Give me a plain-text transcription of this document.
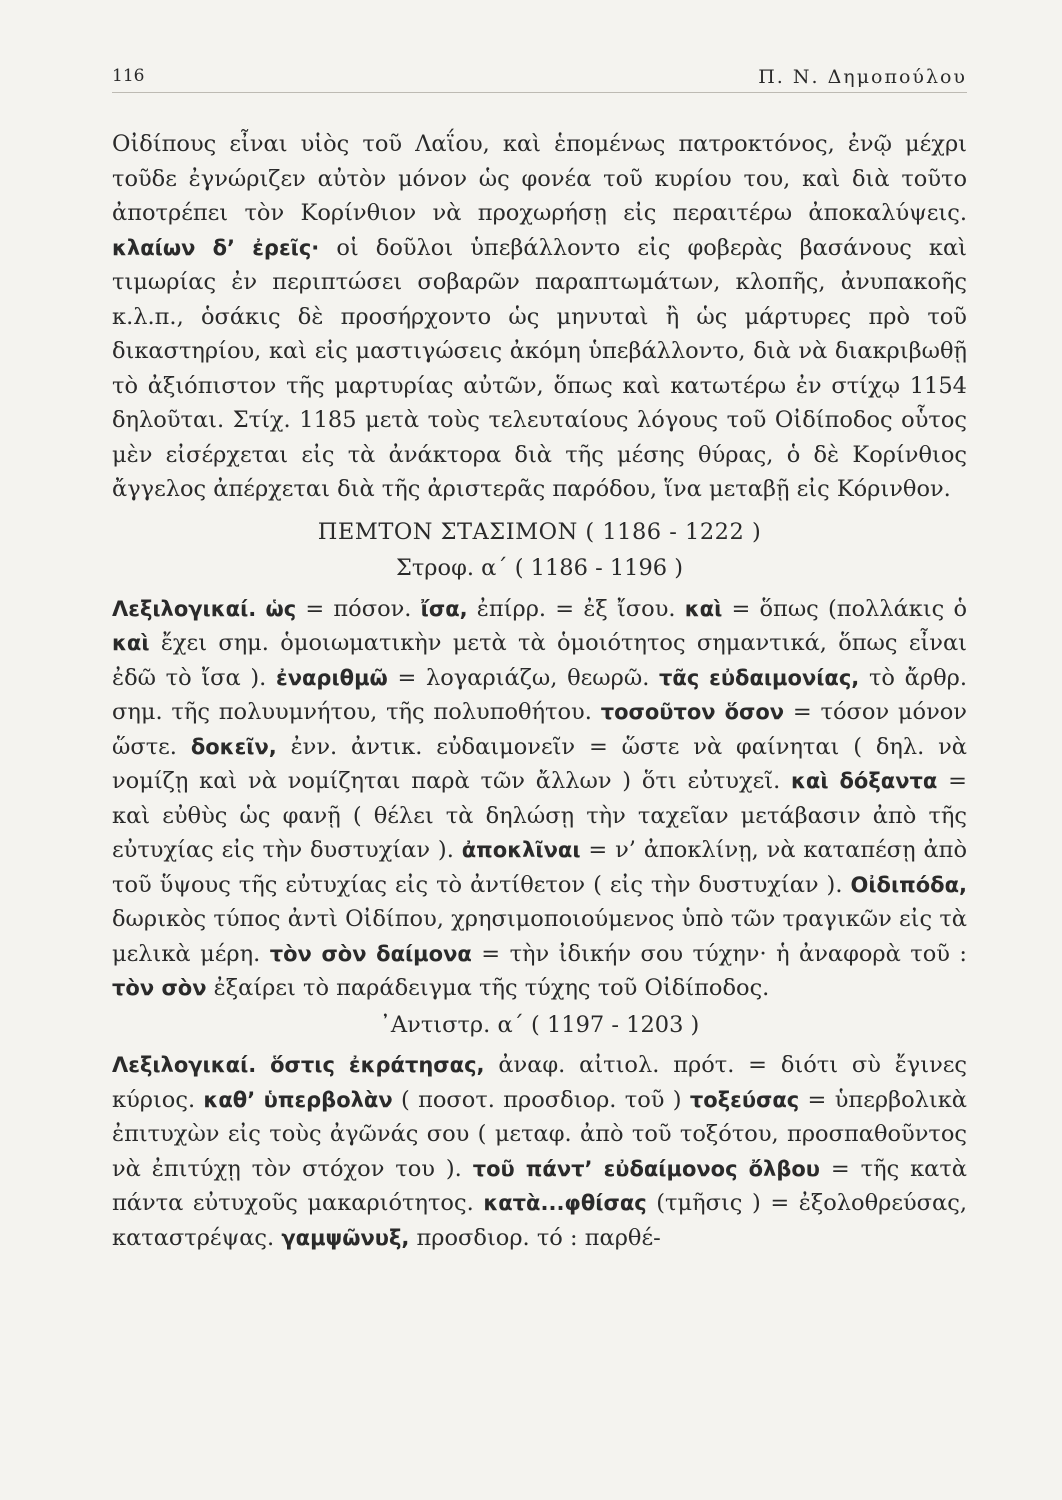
116	Π. Ν. Δημοπούλου

Οἰδίπους εἶναι υἱὸς τοῦ Λαΐου, καὶ ἑπομένως πατροκτόνος, ἐνῷ μέχρι τοῦδε ἐγνώριζεν αὐτὸν μόνον ὡς φονέα τοῦ κυρίου του, καὶ διὰ τοῦτο ἀποτρέπει τὸν Κορίνθιον νὰ προχωρήσῃ εἰς περαιτέρω ἀποκαλύψεις. κλαίων δ’ ἐρεῖς· οἱ δοῦλοι ὑπεβάλλοντο εἰς φοβερὰς βασάνους καὶ τιμωρίας ἐν περιπτώσει σοβαρῶν παραπτωμάτων, κλοπῆς, ἀνυπακοῆς κ.λ.π., ὁσάκις δὲ προσήρχοντο ὡς μηνυταὶ ἢ ὡς μάρτυρες πρὸ τοῦ δικαστηρίου, καὶ εἰς μαστιγώσεις ἀκόμη ὑπεβάλλοντο, διὰ νὰ διακριβωθῇ τὸ ἀξιόπιστον τῆς μαρτυρίας αὐτῶν, ὅπως καὶ κατωτέρω ἐν στίχῳ 1154 δηλοῦται. Στίχ. 1185 μετὰ τοὺς τελευταίους λόγους τοῦ Οἰδίποδος οὗτος μὲν εἰσέρχεται εἰς τὰ ἀνάκτορα διὰ τῆς μέσης θύρας, ὁ δὲ Κορίνθιος ἄγγελος ἀπέρχεται διὰ τῆς ἀριστερᾶς παρόδου, ἵνα μεταβῇ εἰς Κόρινθον.

ΠΕΜΤΟΝ ΣΤΑΣΙΜΟΝ ( 1186 - 1222 )

Στροφ. α΄ ( 1186 - 1196 )

Λεξιλογικαί. ὡς = πόσον. ἴσα, ἐπίρρ. = ἐξ ἴσου. καὶ = ὅπως (πολλάκις ὁ καὶ ἔχει σημ. ὁμοιωματικὴν μετὰ τὰ ὁμοιότητος σημαντικά, ὅπως εἶναι ἐδῶ τὸ ἴσα ). ἐναριθμῶ = λογαριάζω, θεωρῶ. τᾶς εὐδαιμονίας, τὸ ἄρθρ. σημ. τῆς πολυυμνήτου, τῆς πολυποθήτου. τοσοῦτον ὅσον = τόσον μόνον ὥστε. δοκεῖν, ἐνν. ἀντικ. εὐδαιμονεῖν = ὥστε νὰ φαίνηται ( δηλ. νὰ νομίζῃ καὶ νὰ νομίζηται παρὰ τῶν ἄλλων ) ὅτι εὐτυχεῖ. καὶ δόξαντα = καὶ εὐθὺς ὡς φανῇ ( θέλει τὰ δηλώσῃ τὴν ταχεῖαν μετάβασιν ἀπὸ τῆς εὐτυχίας εἰς τὴν δυστυχίαν ). ἀποκλῖναι = ν’ ἀποκλίνῃ, νὰ καταπέσῃ ἀπὸ τοῦ ὕψους τῆς εὐτυχίας εἰς τὸ ἀντίθετον ( εἰς τὴν δυστυχίαν ). Οἰδιπόδα, δωρικὸς τύπος ἀντὶ Οἰδίπου, χρησιμοποιούμενος ὑπὸ τῶν τραγικῶν εἰς τὰ μελικὰ μέρη. τὸν σὸν δαίμονα = τὴν ἰδικήν σου τύχην· ἡ ἀναφορὰ τοῦ : τὸν σὸν ἐξαίρει τὸ παράδειγμα τῆς τύχης τοῦ Οἰδίποδος.

᾽Αντιστρ. α΄ ( 1197 - 1203 )

Λεξιλογικαί. ὅστις ἐκράτησας, ἀναφ. αἰτιολ. πρότ. = διότι σὺ ἔγινες κύριος. καθ’ ὑπερβολὰν ( ποσοτ. προσδιορ. τοῦ ) τοξεύσας = ὑπερβολικὰ ἐπιτυχὼν εἰς τοὺς ἀγῶνάς σου ( μεταφ. ἀπὸ τοῦ τοξότου, προσπαθοῦντος νὰ ἐπιτύχῃ τὸν στόχον του ). τοῦ πάντ’ εὐδαίμονος ὄλβου = τῆς κατὰ πάντα εὐτυχοῦς μακαριότητος. κατὰ...φθίσας (τμῆσις ) = ἐξολοθρεύσας, καταστρέψας. γαμψῶνυξ, προσδιορ. τό : παρθέ-
